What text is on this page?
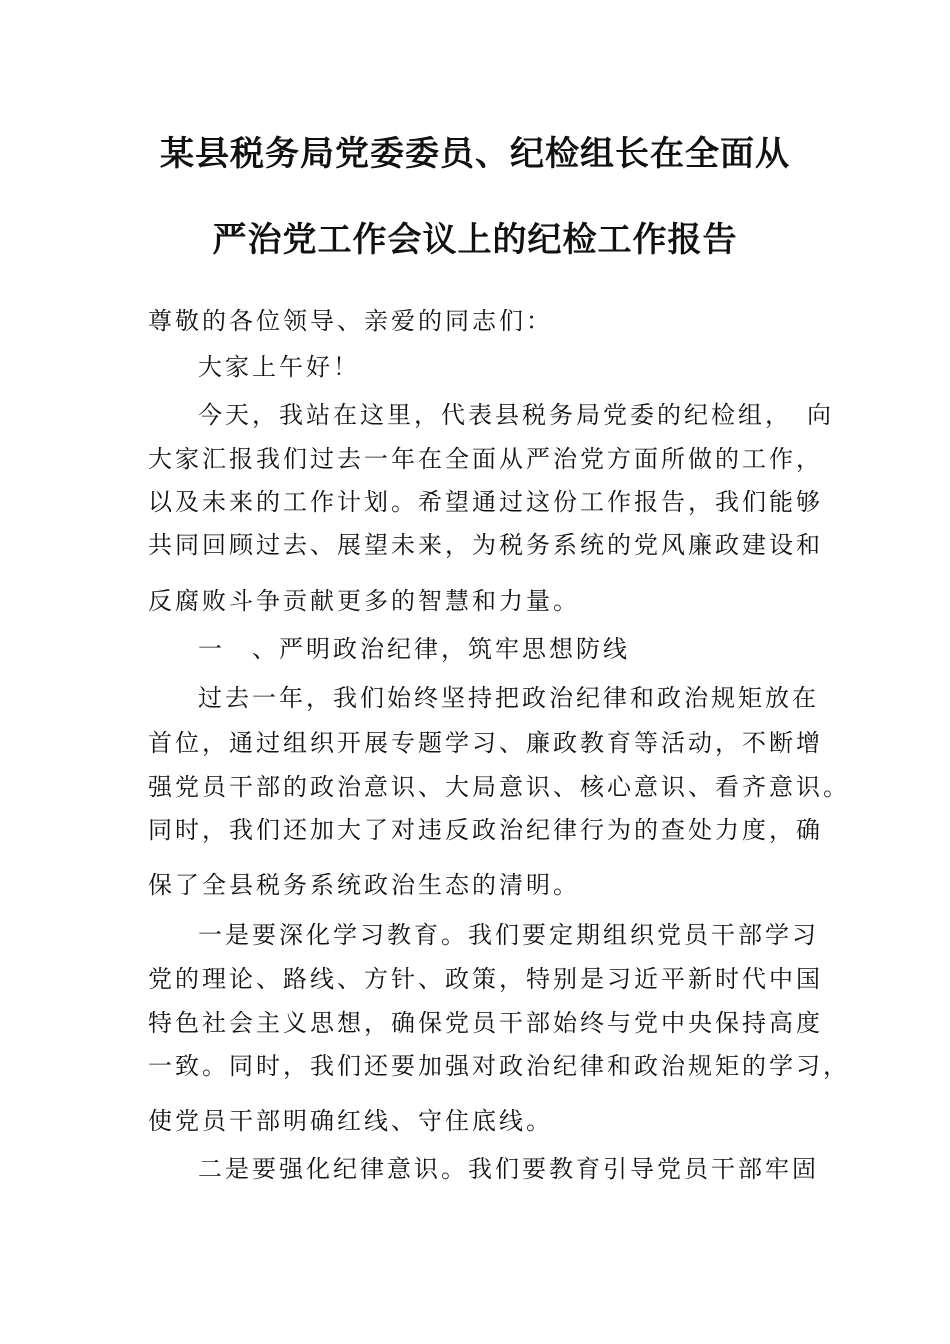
某县税务局党委委员、纪检组长在全面从
严治党工作会议上的纪检工作报告

尊敬的各位领导、亲爱的同志们：

大家上午好！

今天，我站在这里，代表县税务局党委的纪检组，　向

大家汇报我们过去一年在全面从严治党方面所做的工作，

以及未来的工作计划。希望通过这份工作报告，我们能够

共同回顾过去、展望未来，为税务系统的党风廉政建设和

反腐败斗争贡献更多的智慧和力量。

一　、严明政治纪律，筑牢思想防线

过去一年，我们始终坚持把政治纪律和政治规矩放在

首位，通过组织开展专题学习、廉政教育等活动，不断增

强党员干部的政治意识、大局意识、核心意识、看齐意识。

同时，我们还加大了对违反政治纪律行为的查处力度，确

保了全县税务系统政治生态的清明。

一是要深化学习教育。我们要定期组织党员干部学习

党的理论、路线、方针、政策，特别是习近平新时代中国

特色社会主义思想，确保党员干部始终与党中央保持高度

一致。同时，我们还要加强对政治纪律和政治规矩的学习，

使党员干部明确红线、守住底线。

二是要强化纪律意识。我们要教育引导党员干部牢固
